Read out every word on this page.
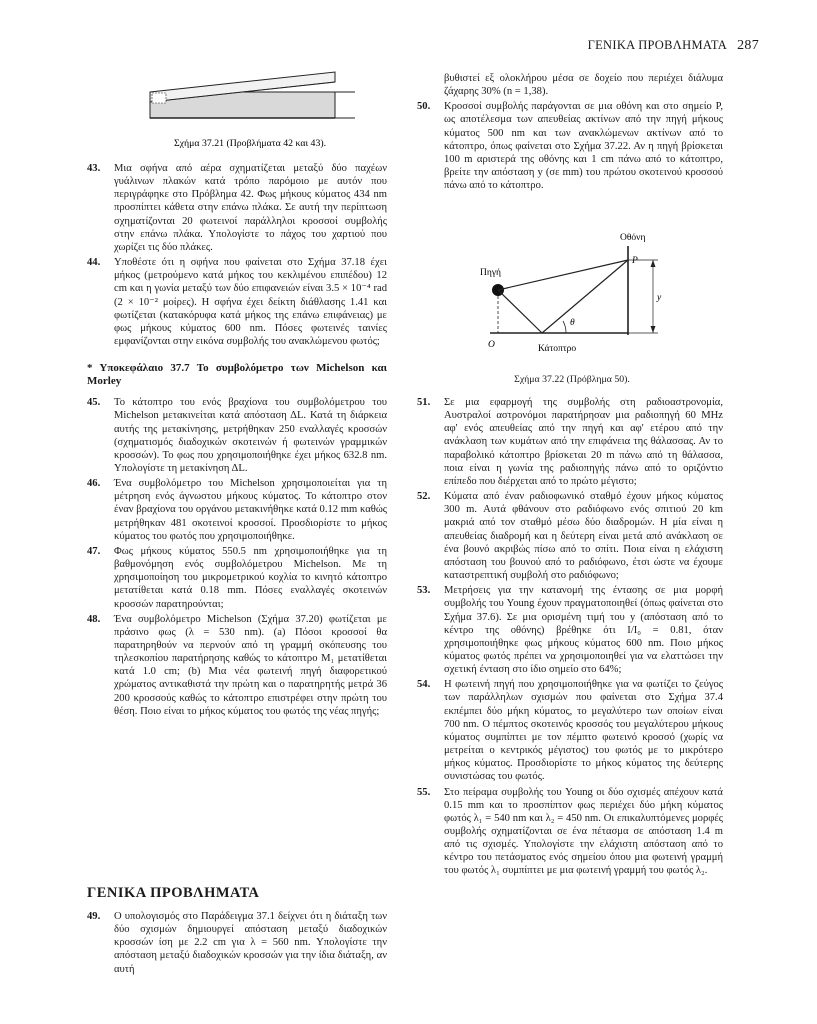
ΓΕΝΙΚΑ ΠΡΟΒΛΗΜΑΤΑ 287
Σχήμα 37.21 (Προβλήματα 42 και 43).
43. Μια σφήνα από αέρα σχηματίζεται μεταξύ δύο παχέων γυάλινων πλακών κατά τρόπο παρόμοιο με αυτόν που περιγράφηκε στο Πρόβλημα 42. Φως μήκους κύματος 434 nm προσπίπτει κάθετα στην επάνω πλάκα. Σε αυτή την περίπτωση σχηματίζονται 20 φωτεινοί παράλληλοι κροσσοί συμβολής στην επάνω πλάκα. Υπολογίστε το πάχος του χαρτιού που χωρίζει τις δύο πλάκες.

44. Υποθέστε ότι η σφήνα που φαίνεται στο Σχήμα 37.18 έχει μήκος (μετρούμενο κατά μήκος του κεκλιμένου επιπέδου) 12 cm και η γωνία μεταξύ των δύο επιφανειών είναι 3.5 × 10⁻⁴ rad (2 × 10⁻² μοίρες). Η σφήνα έχει δείκτη διάθλασης 1.41 και φωτίζεται (κατακόρυφα κατά μήκος της επάνω επιφάνειας) με φως μήκους κύματος 600 nm. Πόσες φωτεινές ταινίες εμφανίζονται στην εικόνα συμβολής του ανακλώμενου φωτός;

* Υποκεφάλαιο 37.7 Το συμβολόμετρο των Michelson και Morley
45. Το κάτοπτρο του ενός βραχίονα του συμβολόμετρου του Michelson μετακινείται κατά απόσταση ΔL. Κατά τη διάρκεια αυτής της μετακίνησης, μετρήθηκαν 250 εναλλαγές κροσσών (σχηματισμός διαδοχικών σκοτεινών ή φωτεινών γραμμικών κροσσών). Το φως που χρησιμοποιήθηκε έχει μήκος 632.8 nm. Υπολογίστε τη μετακίνηση ΔL.

46. Ένα συμβολόμετρο του Michelson χρησιμοποιείται για τη μέτρηση ενός άγνωστου μήκους κύματος. Το κάτοπτρο στον έναν βραχίονα του οργάνου μετακινήθηκε κατά 0.12 mm καθώς μετρήθηκαν 481 σκοτεινοί κροσσοί. Προσδιορίστε το μήκος κύματος του φωτός που χρησιμοποιήθηκε.

47. Φως μήκους κύματος 550.5 nm χρησιμοποιήθηκε για τη βαθμονόμηση ενός συμβολόμετρου Michelson. Με τη χρησιμοποίηση του μικρομετρικού κοχλία το κινητό κάτοπτρο μετατίθεται κατά 0.18 mm. Πόσες εναλλαγές σκοτεινών κροσσών παρατηρούνται;

48. Ένα συμβολόμετρο Michelson (Σχήμα 37.20) φωτίζεται με πράσινο φως (λ = 530 nm). (a) Πόσοι κροσσοί θα παρατηρηθούν να περνούν από τη γραμμή σκόπευσης του τηλεσκοπίου παρατήρησης καθώς το κάτοπτρο M₁ μετατίθεται κατά 1.0 cm; (b) Μια νέα φωτεινή πηγή διαφορετικού χρώματος αντικαθιστά την πρώτη και ο παρατηρητής μετρά 36 200 κροσσούς καθώς το κάτοπτρο επιστρέφει στην πρώτη του θέση. Ποιο είναι το μήκος κύματος του φωτός της νέας πηγής;

ΓΕΝΙΚΑ ΠΡΟΒΛΗΜΑΤΑ
49. Ο υπολογισμός στο Παράδειγμα 37.1 δείχνει ότι η διάταξη των δύο σχισμών δημιουργεί απόσταση μεταξύ διαδοχικών κροσσών ίση με 2.2 cm για λ = 560 nm. Υπολογίστε την απόσταση μεταξύ διαδοχικών κροσσών για την ίδια διάταξη, αν αυτή

Οθόνη
Πηγή
θ
P
O
y
Κάτοπτρο
Σχήμα 37.22 (Πρόβλημα 50).

βυθιστεί εξ ολοκλήρου μέσα σε δοχείο που περιέχει διάλυμα ζάχαρης 30% (n = 1,38).

50. Κροσσοί συμβολής παράγονται σε μια οθόνη και στο σημείο P, ως αποτέλεσμα των απευθείας ακτίνων από την πηγή μήκους κύματος 500 nm και των ανακλώμενων ακτίνων από το κάτοπτρο, όπως φαίνεται στο Σχήμα 37.22. Αν η πηγή βρίσκεται 100 m αριστερά της οθόνης και 1 cm πάνω από το κάτοπτρο, βρείτε την απόσταση y (σε mm) του πρώτου σκοτεινού κροσσού πάνω από το κάτοπτρο.

51. Σε μια εφαρμογή της συμβολής στη ραδιοαστρονομία, Αυστραλοί αστρονόμοι παρατήρησαν μια ραδιοπηγή 60 MHz αφ' ενός απευθείας από την πηγή και αφ' ετέρου από την ανάκλαση των κυμάτων από την επιφάνεια της θάλασσας. Αν το παραβολικό κάτοπτρο βρίσκεται 20 m πάνω από τη θάλασσα, ποια είναι η γωνία της ραδιοπηγής πάνω από το οριζόντιο επίπεδο που διέρχεται από το πρώτο μέγιστο;

52. Κύματα από έναν ραδιοφωνικό σταθμό έχουν μήκος κύματος 300 m. Αυτά φθάνουν στο ραδιόφωνο ενός σπιτιού 20 km μακριά από τον σταθμό μέσω δύο διαδρομών. Η μία είναι η απευθείας διαδρομή και η δεύτερη είναι μετά από ανάκλαση σε ένα βουνό ακριβώς πίσω από το σπίτι. Ποια είναι η ελάχιστη απόσταση του βουνού από το ραδιόφωνο, έτσι ώστε να έχουμε καταστρεπτική συμβολή στο ραδιόφωνο;

53. Μετρήσεις για την κατανομή της έντασης σε μια μορφή συμβολής του Young έχουν πραγματοποιηθεί (όπως φαίνεται στο Σχήμα 37.6). Σε μια ορισμένη τιμή του y (απόσταση από το κέντρο της οθόνης) βρέθηκε ότι I/I₀ = 0.81, όταν χρησιμοποιήθηκε φως μήκους κύματος 600 nm. Ποιο μήκος κύματος φωτός πρέπει να χρησιμοποιηθεί για να ελαττώσει την σχετική ένταση στο ίδιο σημείο στο 64%;

54. Η φωτεινή πηγή που χρησιμοποιήθηκε για να φωτίζει το ζεύγος των παράλληλων σχισμών που φαίνεται στο Σχήμα 37.4 εκπέμπει δύο μήκη κύματος, το μεγαλύτερο των οποίων είναι 700 nm. Ο πέμπτος σκοτεινός κροσσός του μεγαλύτερου μήκους κύματος συμπίπτει με τον πέμπτο φωτεινό κροσσό (χωρίς να μετρείται ο κεντρικός μέγιστος) του φωτός με το μικρότερο μήκος κύματος. Προσδιορίστε το μήκος κύματος της δεύτερης συνιστώσας του φωτός.

55. Στο πείραμα συμβολής του Young οι δύο σχισμές απέχουν κατά 0.15 mm και το προσπίπτον φως περιέχει δύο μήκη κύματος φωτός λ₁ = 540 nm και λ₂ = 450 nm. Οι επικαλυπτόμενες μορφές συμβολής σχηματίζονται σε ένα πέτασμα σε απόσταση 1.4 m από τις σχισμές. Υπολογίστε την ελάχιστη απόσταση από το κέντρο του πετάσματος ενός σημείου όπου μια φωτεινή γραμμή του φωτός λ₁ συμπίπτει με μια φωτεινή γραμμή του φωτός λ₂.
